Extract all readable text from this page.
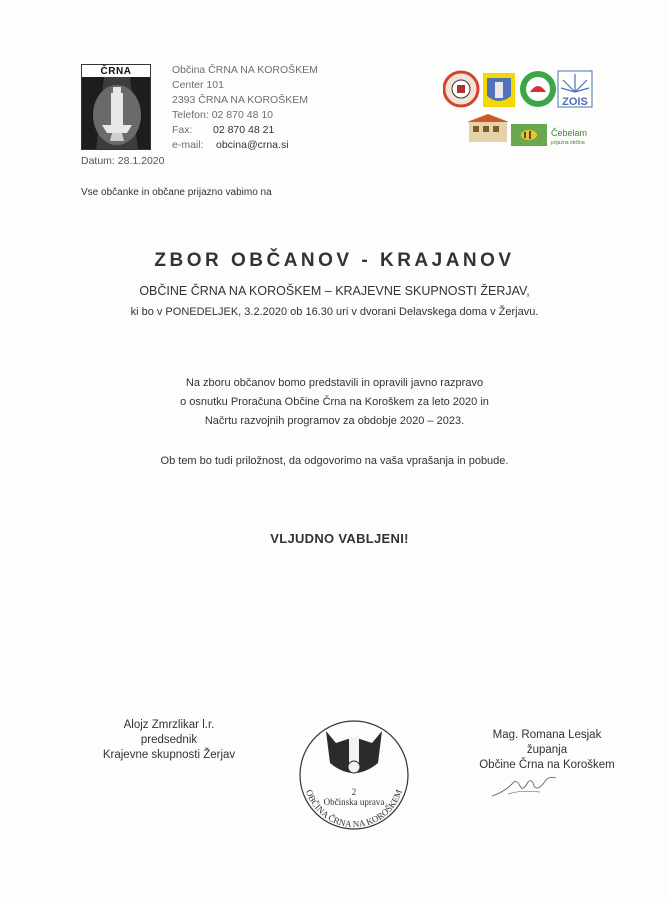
ČRNA	Občina ČRNA NA KOROŠKEM
Center 101
2393 ČRNA NA KOROŠKEM
Telefon: 02 870 48 10
Fax: 02 870 48 21
e-mail: obcina@crna.si
ZOIS
Čebelam
prijazna občina
Datum: 28.1.2020
Vse občanke in občane prijazno vabimo na
ZBOR OBČANOV - KRAJANOV
OBČINE ČRNA NA KOROŠKEM – KRAJEVNE SKUPNOSTI ŽERJAV,
ki bo v PONEDELJEK, 3.2.2020 ob 16.30 uri v dvorani Delavskega doma v Žerjavu.
Na zboru občanov bomo predstavili in opravili javno razpravo
o osnutku Proračuna Občine Črna na Koroškem za leto 2020 in
Načrtu razvojnih programov za obdobje 2020 – 2023.
Ob tem bo tudi priložnost, da odgovorimo na vaša vprašanja in pobude.
VLJUDNO VABLJENI!
Alojz Zmrzlikar l.r.
predsednik
Krajevne skupnosti Žerjav
2
Občinska uprava
OBČINA ČRNA NA KOROŠKEM
Mag. Romana Lesjak
županja
Občine Črna na Koroškem
